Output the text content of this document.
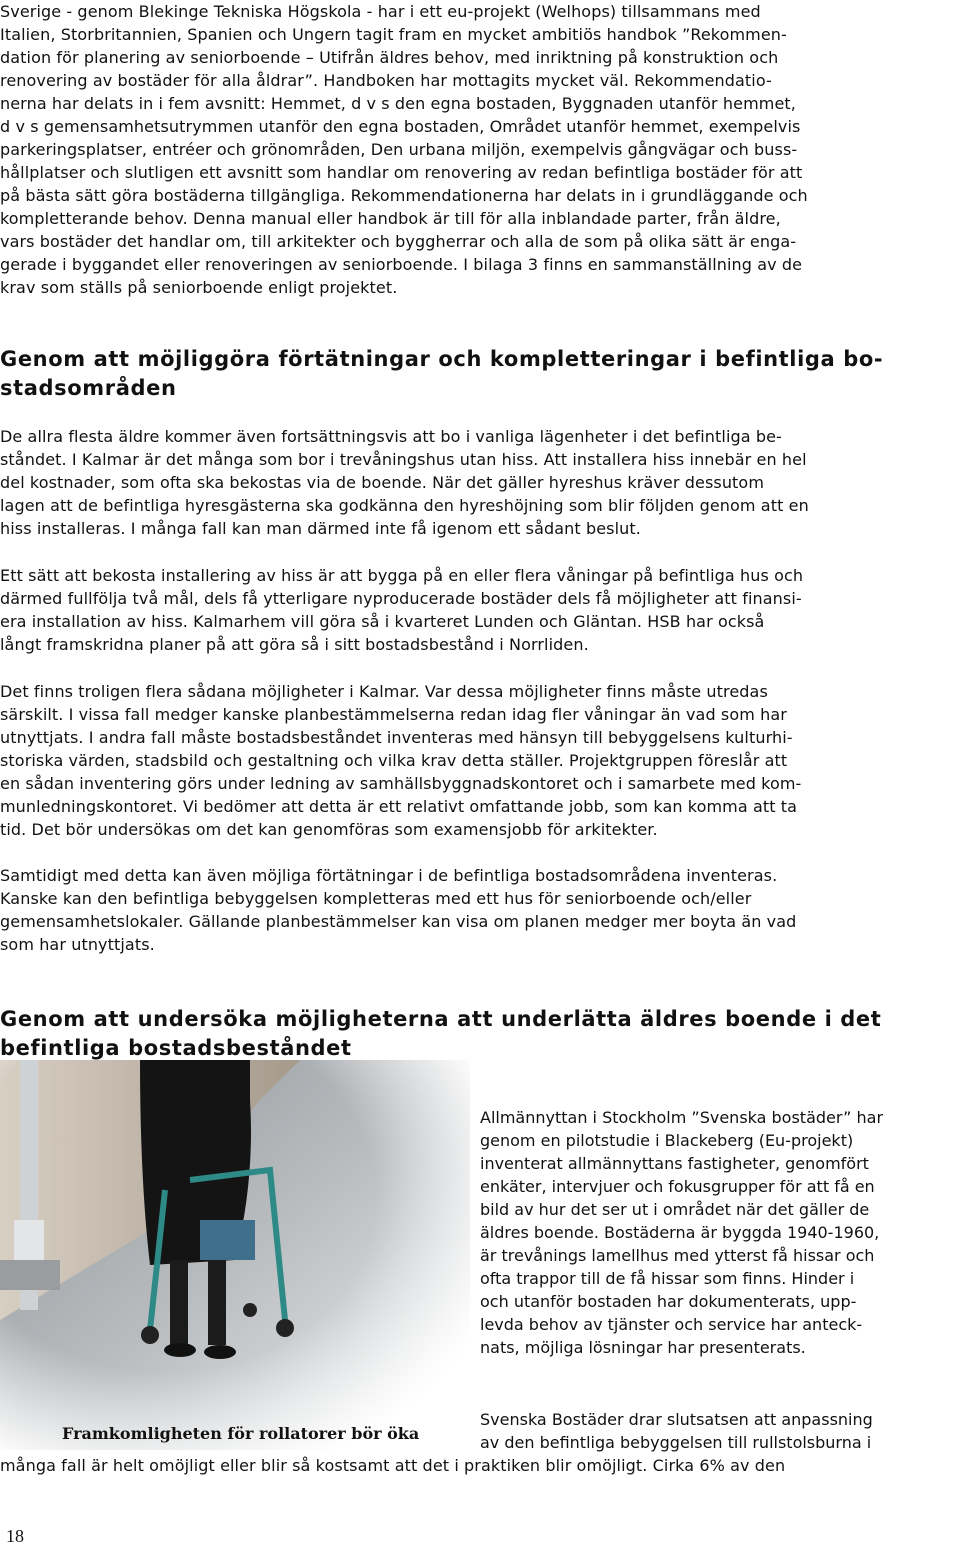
Sverige - genom Blekinge Tekniska Högskola - har i ett eu-projekt (Welhops) tillsammans med
Italien, Storbritannien, Spanien och Ungern tagit fram en mycket ambitiös handbok ”Rekommen-
dation för planering av seniorboende – Utifrån äldres behov, med inriktning på konstruktion och
renovering av bostäder för alla åldrar”. Handboken har mottagits mycket väl. Rekommendatio-
nerna har delats in i fem avsnitt: Hemmet, d v s den egna bostaden, Byggnaden utanför hemmet,
d v s gemensamhetsutrymmen utanför den egna bostaden, Området utanför hemmet, exempelvis
parkeringsplatser, entréer och grönområden, Den urbana miljön, exempelvis gångvägar och buss-
hållplatser och slutligen ett avsnitt som handlar om renovering av redan befintliga bostäder för att
på bästa sätt göra bostäderna tillgängliga. Rekommendationerna har delats in i grundläggande och
kompletterande behov. Denna manual eller handbok är till för alla inblandade parter, från äldre,
vars bostäder det handlar om, till arkitekter och byggherrar och alla de som på olika sätt är enga-
gerade i byggandet eller renoveringen av seniorboende. I bilaga 3 finns en sammanställning av de
krav som ställs på seniorboende enligt projektet.
Genom att möjliggöra förtätningar och kompletteringar i befintliga bo-
stadsområden
De allra flesta äldre kommer även fortsättningsvis att bo i vanliga lägenheter i det befintliga be-
ståndet. I Kalmar är det många som bor i trevåningshus utan hiss. Att installera hiss innebär en hel
del kostnader, som ofta ska bekostas via de boende. När det gäller hyreshus kräver dessutom
lagen att de befintliga hyresgästerna ska godkänna den hyreshöjning som blir följden genom att en
hiss installeras. I många fall kan man därmed inte få igenom ett sådant beslut.
Ett sätt att bekosta installering av hiss är att bygga på en eller flera våningar på befintliga hus och
därmed fullfölja två mål, dels få ytterligare nyproducerade bostäder dels få möjligheter att finansi-
era installation av hiss. Kalmarhem vill göra så i kvarteret Lunden och Gläntan. HSB har också
långt framskridna planer på att göra så i sitt bostadsbestånd i Norrliden.
Det finns troligen flera sådana möjligheter i Kalmar. Var dessa möjligheter finns måste utredas
särskilt. I vissa fall medger kanske planbestämmelserna redan idag fler våningar än vad som har
utnyttjats. I andra fall måste bostadsbeståndet inventeras med hänsyn till bebyggelsens kulturhi-
storiska värden, stadsbild och gestaltning och vilka krav detta ställer. Projektgruppen föreslår att
en sådan inventering görs under ledning av samhällsbyggnadskontoret och i samarbete med kom-
munledningskontoret. Vi bedömer att detta är ett relativt omfattande jobb, som kan komma att ta
tid. Det bör undersökas om det kan genomföras som examensjobb för arkitekter.
Samtidigt med detta kan även möjliga förtätningar i de befintliga bostadsområdena inventeras.
Kanske kan den befintliga bebyggelsen kompletteras med ett hus för seniorboende och/eller
gemensamhetslokaler. Gällande planbestämmelser kan visa om planen medger mer boyta än vad
som har utnyttjats.
Genom att undersöka möjligheterna att underlätta äldres boende i det
befintliga bostadsbeståndet
Framkomligheten för rollatorer bör öka
Allmännyttan i Stockholm ”Svenska bostäder” har
genom en pilotstudie i Blackeberg (Eu-projekt)
inventerat allmännyttans fastigheter, genomfört
enkäter, intervjuer och fokusgrupper för att få en
bild av hur det ser ut i området när det gäller de
äldres boende. Bostäderna är byggda 1940-1960,
är trevånings lamellhus med ytterst få hissar och
ofta trappor till de få hissar som finns. Hinder i
och utanför bostaden har dokumenterats, upp-
levda behov av tjänster och service har anteck-
nats, möjliga lösningar har presenterats.
Svenska Bostäder drar slutsatsen att anpassning
av den befintliga bebyggelsen till rullstolsburna i
många fall är helt omöjligt eller blir så kostsamt att det i praktiken blir omöjligt. Cirka 6% av den
18
